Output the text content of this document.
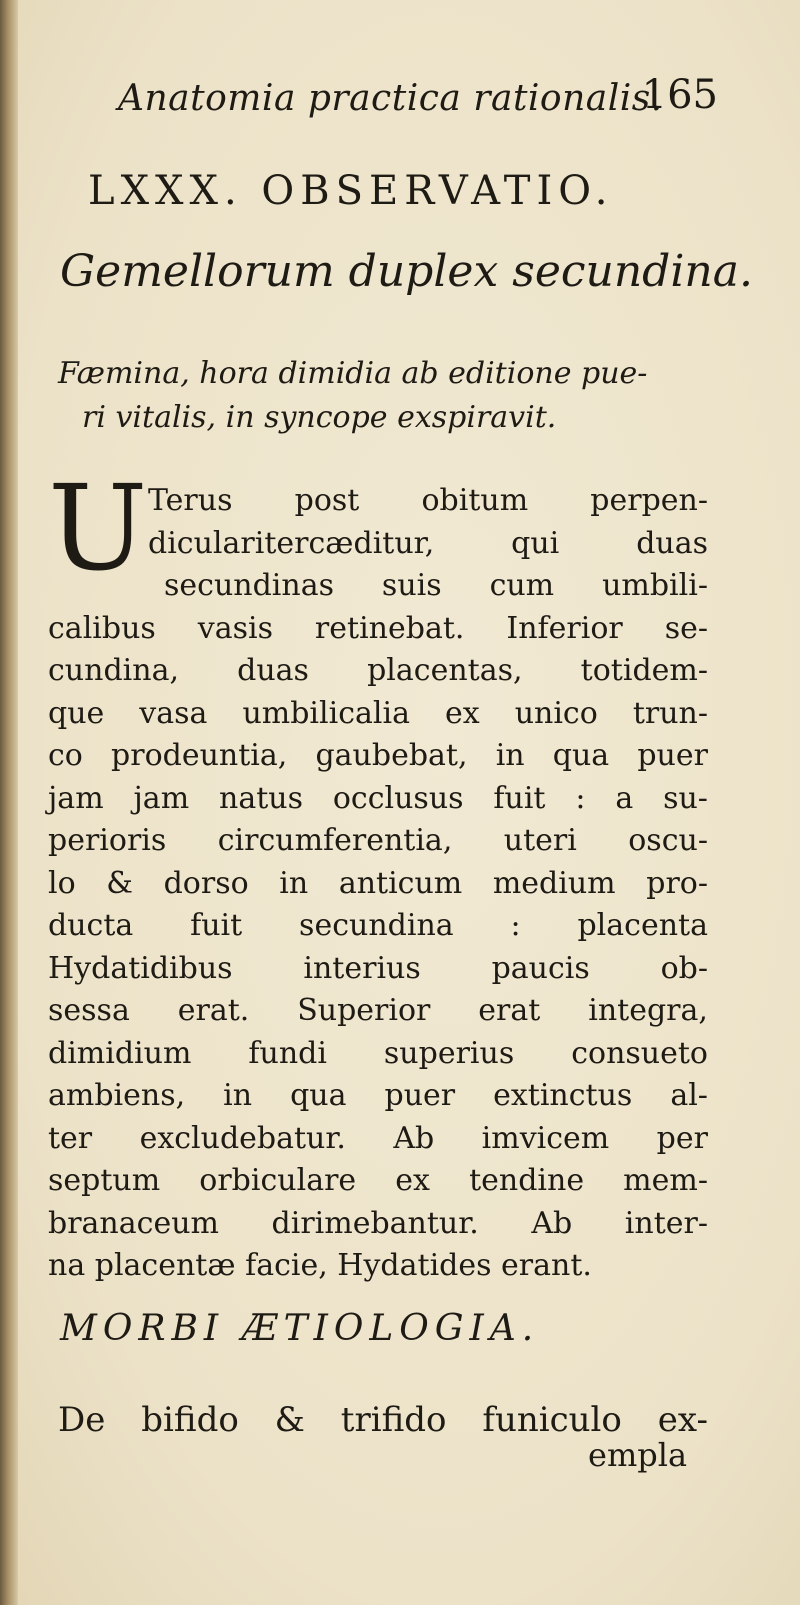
Anatomia practica rationalis.
165
LXXX. OBSERVATIO.
Gemellorum duplex secundina.
Fæmina, hora dimidia ab editione pue-
ri vitalis, in syncope exspiravit.
U Terus post obitum perpen-
dicularitercæditur,	qui	duas
secundinas suis cum umbili-
calibus vasis retinebat. Inferior se-
cundina, duas placentas, totidem-
que vasa umbilicalia ex unico trun-
co prodeuntia, gaubebat, in qua puer
jam jam natus occlusus fuit : a su-
perioris circumferentia, uteri oscu-
lo & dorso in anticum medium pro-
ducta fuit secundina : placenta
Hydatidibus interius paucis ob-
sessa erat. Superior erat integra,
dimidium fundi superius consueto
ambiens, in qua puer extinctus al-
ter excludebatur. Ab imvicem per
septum orbiculare ex tendine mem-
branaceum dirimebantur. Ab inter-
na placentæ facie, Hydatides erant.
MORBI ÆTIOLOGIA.
De bifido & trifido funiculo ex-
empla
